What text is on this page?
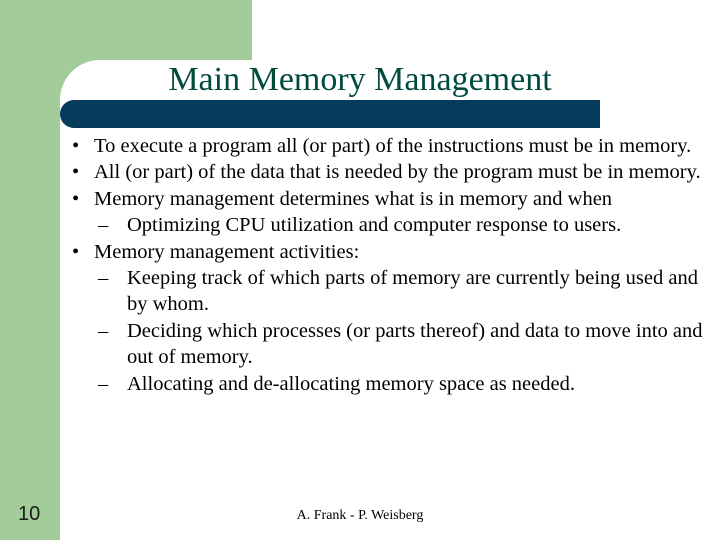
Main Memory Management
• To execute a program all (or part) of the instructions must be in memory.
• All (or part) of the data that is needed by the program must be in memory.
• Memory management determines what is in memory and when
– Optimizing CPU utilization and computer response to users.
• Memory management activities:
– Keeping track of which parts of memory are currently being used and by whom.
– Deciding which processes (or parts thereof) and data to move into and out of memory.
– Allocating and de-allocating memory space as needed.
10	A. Frank - P. Weisberg
